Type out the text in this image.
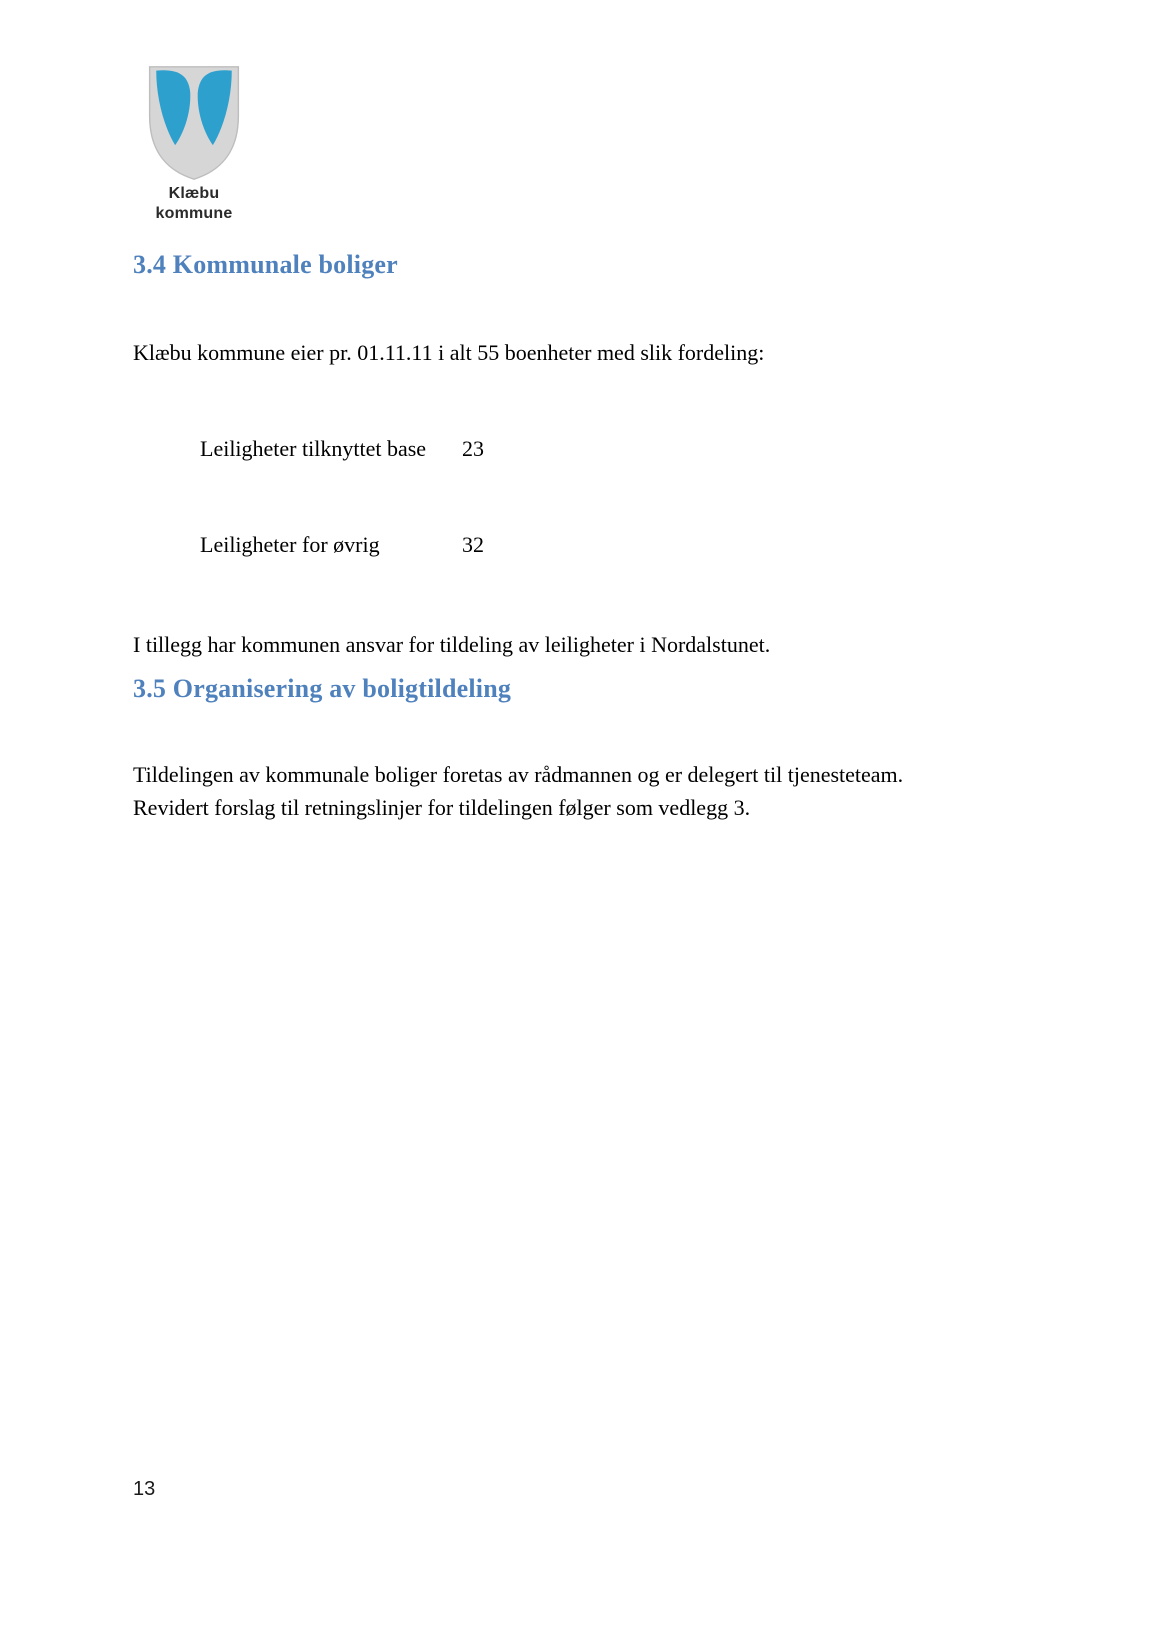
Klæbu
kommune
3.4 Kommunale boliger

Klæbu kommune eier pr. 01.11.11 i alt 55 boenheter med slik fordeling:

Leiligheter tilknyttet base	23
Leiligheter for øvrig	32

I tillegg har kommunen ansvar for tildeling av leiligheter i Nordalstunet.

3.5 Organisering av boligtildeling

Tildelingen av kommunale boliger foretas av rådmannen og er delegert til tjenesteteam. Revidert forslag til retningslinjer for tildelingen følger som vedlegg 3.

13
